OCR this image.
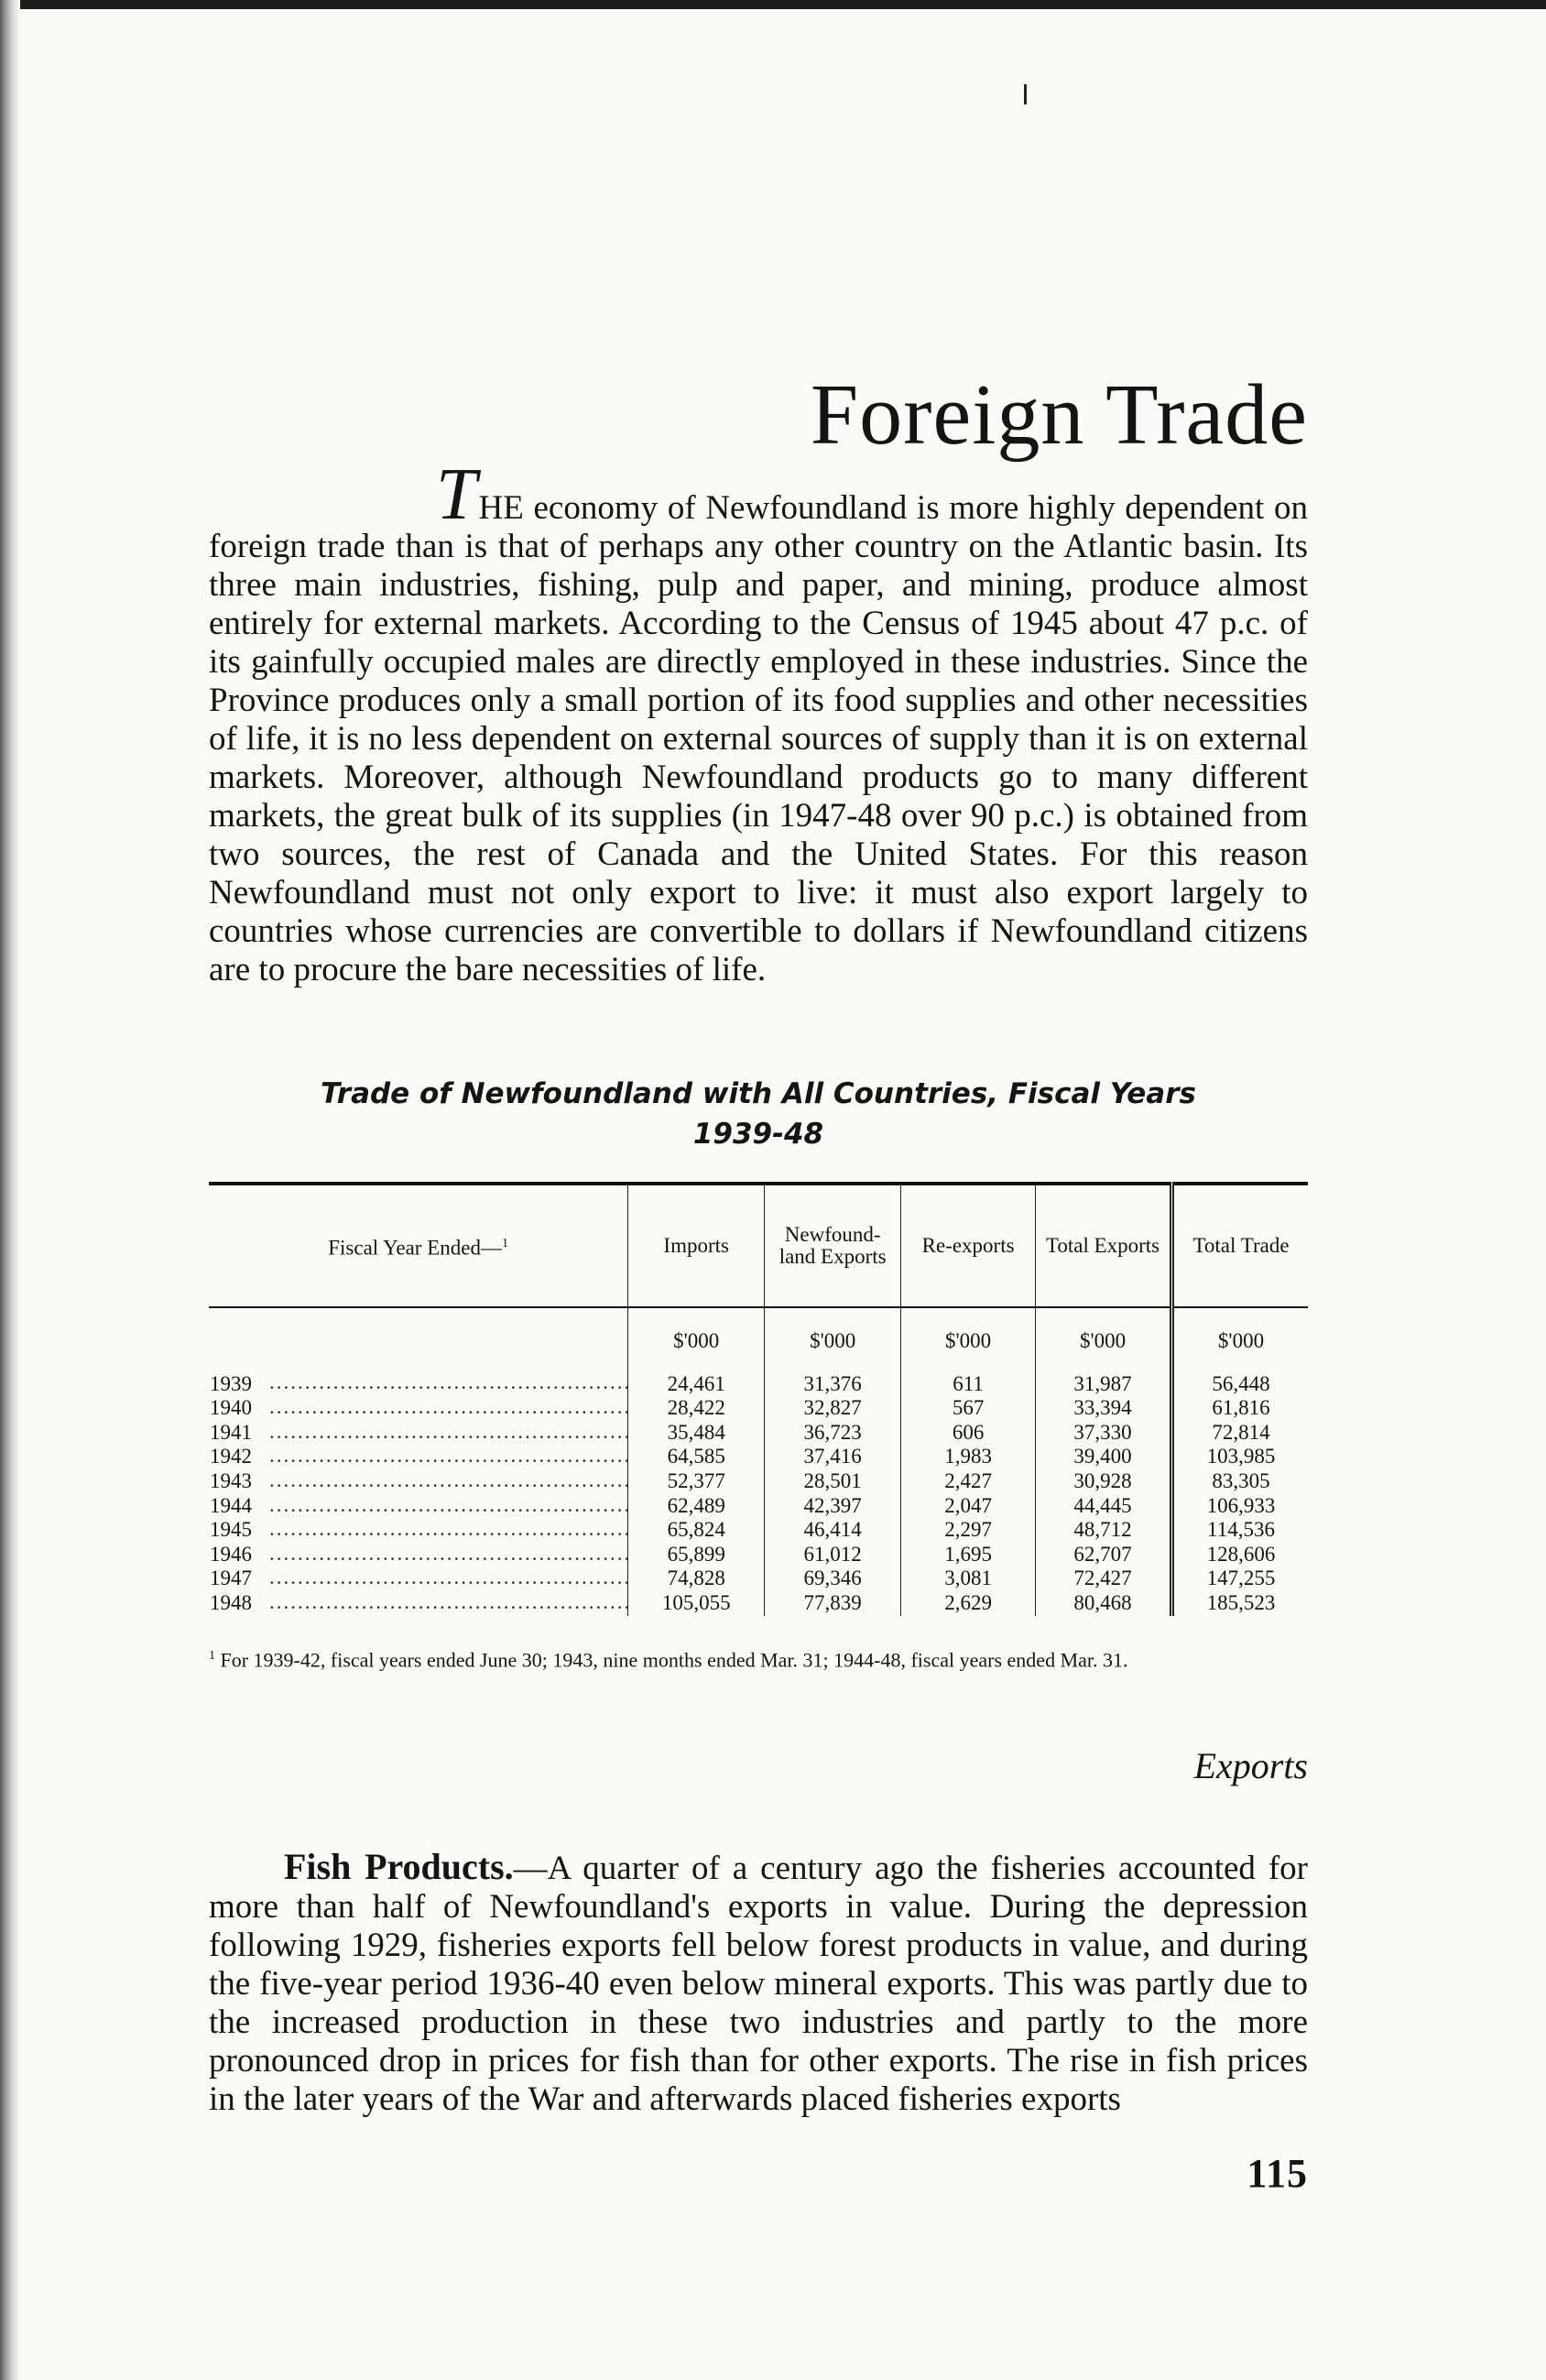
Foreign Trade

THE economy of Newfoundland is more highly dependent on foreign trade than is that of perhaps any other country on the Atlantic basin. Its three main industries, fishing, pulp and paper, and mining, produce almost entirely for external markets. According to the Census of 1945 about 47 p.c. of its gainfully occupied males are directly employed in these industries. Since the Province produces only a small portion of its food supplies and other necessities of life, it is no less dependent on external sources of supply than it is on external markets. Moreover, although Newfoundland products go to many different markets, the great bulk of its supplies (in 1947-48 over 90 p.c.) is obtained from two sources, the rest of Canada and the United States. For this reason Newfoundland must not only export to live: it must also export largely to countries whose currencies are convertible to dollars if Newfoundland citizens are to procure the bare necessities of life.

Trade of Newfoundland with All Countries, Fiscal Years
1939-48
Fiscal Year Ended—$^1$	Imports	Newfound-land Exports	Re-exports	Total Exports	Total Trade
	$'000	$'000	$'000	$'000	$'000
1939 .....	24,461	31,376	611	31,987	56,448
1940 .....	28,422	32,827	567	33,394	61,816
1941 .....	35,484	36,723	606	37,330	72,814
1942 .....	64,585	37,416	1,983	39,400	103,985
1943 .....	52,377	28,501	2,427	30,928	83,305
1944 .....	62,489	42,397	2,047	44,445	106,933
1945 .....	65,824	46,414	2,297	48,712	114,536
1946 .....	65,899	61,012	1,695	62,707	128,606
1947 .....	74,828	69,346	3,081	72,427	147,255
1948 .....	105,055	77,839	2,629	80,468	185,523
$^1$ For 1939-42, fiscal years ended June 30; 1943, nine months ended Mar. 31; 1944-48, fiscal years ended Mar. 31.
Exports

Fish Products.—A quarter of a century ago the fisheries accounted for more than half of Newfoundland's exports in value. During the depression following 1929, fisheries exports fell below forest products in value, and during the five-year period 1936-40 even below mineral exports. This was partly due to the increased production in these two industries and partly to the more pronounced drop in prices for fish than for other exports. The rise in fish prices in the later years of the War and afterwards placed fisheries exports

115
